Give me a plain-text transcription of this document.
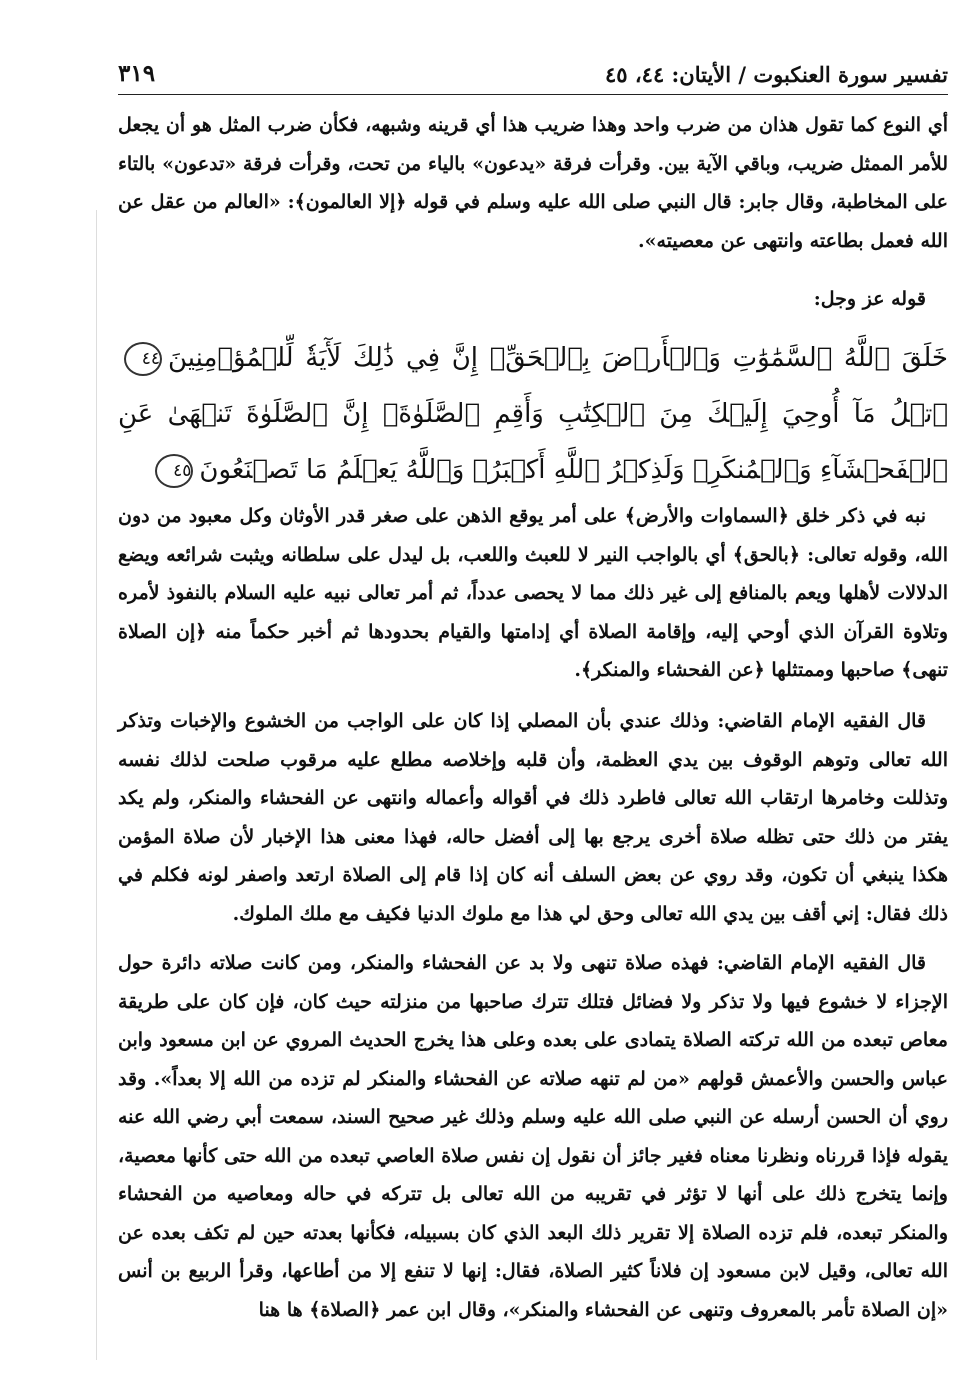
تفسير سورة العنكبوت / الأيتان: ٤٤، ٤٥
٣١٩
أي النوع كما تقول هذان من ضرب واحد وهذا ضريب هذا أي قرينه وشبهه، فكأن ضرب المثل هو أن يجعل للأمر الممثل ضريب، وباقي الآية بين. وقرأت فرقة «يدعون» بالياء من تحت، وقرأت فرقة «تدعون» بالتاء على المخاطبة، وقال جابر: قال النبي صلى الله عليه وسلم في قوله ﴿إلا العالمون﴾: «العالم من عقل عن الله فعمل بطاعته وانتهى عن معصيته».
قوله عز وجل:
خَلَقَ ٱللَّهُ ٱلسَّمَٰوَٰتِ وَٱلۡأَرۡضَ بِٱلۡحَقِّۚ إِنَّ فِي ذَٰلِكَ لَأٓيَةٗ لِّلۡمُؤۡمِنِينَ٤٤ٱتۡلُ مَآ أُوحِيَ إِلَيۡكَ مِنَ ٱلۡكِتَٰبِ وَأَقِمِ ٱلصَّلَوٰةَۖ إِنَّ ٱلصَّلَوٰةَ تَنۡهَىٰ عَنِ ٱلۡفَحۡشَآءِ وَٱلۡمُنكَرِۗ وَلَذِكۡرُ ٱللَّهِ أَكۡبَرُۗ وَٱللَّهُ يَعۡلَمُ مَا تَصۡنَعُونَ٤٥
نبه في ذكر خلق ﴿السماوات والأرض﴾ على أمر يوقع الذهن على صغر قدر الأوثان وكل معبود من دون الله، وقوله تعالى: ﴿بالحق﴾ أي بالواجب النير لا للعبث واللعب، بل ليدل على سلطانه ويثبت شرائعه ويضع الدلالات لأهلها ويعم بالمنافع إلى غير ذلك مما لا يحصى عدداً، ثم أمر تعالى نبيه عليه السلام بالنفوذ لأمره وتلاوة القرآن الذي أوحي إليه، وإقامة الصلاة أي إدامتها والقيام بحدودها ثم أخبر حكماً منه ﴿إن الصلاة تنهى﴾ صاحبها وممتثلها ﴿عن الفحشاء والمنكر﴾.
قال الفقيه الإمام القاضي: وذلك عندي بأن المصلي إذا كان على الواجب من الخشوع والإخبات وتذكر الله تعالى وتوهم الوقوف بين يدي العظمة، وأن قلبه وإخلاصه مطلع عليه مرقوب صلحت لذلك نفسه وتذللت وخامرها ارتقاب الله تعالى فاطرد ذلك في أقواله وأعماله وانتهى عن الفحشاء والمنكر، ولم يكد يفتر من ذلك حتى تظله صلاة أخرى يرجع بها إلى أفضل حاله، فهذا معنى هذا الإخبار لأن صلاة المؤمن هكذا ينبغي أن تكون، وقد روي عن بعض السلف أنه كان إذا قام إلى الصلاة ارتعد واصفر لونه فكلم في ذلك فقال: إني أقف بين يدي الله تعالى وحق لي هذا مع ملوك الدنيا فكيف مع ملك الملوك.
قال الفقيه الإمام القاضي: فهذه صلاة تنهى ولا بد عن الفحشاء والمنكر، ومن كانت صلاته دائرة حول الإجزاء لا خشوع فيها ولا تذكر ولا فضائل فتلك تترك صاحبها من منزلته حيث كان، فإن كان على طريقة معاص تبعده من الله تركته الصلاة يتمادى على بعده وعلى هذا يخرج الحديث المروي عن ابن مسعود وابن عباس والحسن والأعمش قولهم «من لم تنهه صلاته عن الفحشاء والمنكر لم تزده من الله إلا بعداً». وقد روي أن الحسن أرسله عن النبي صلى الله عليه وسلم وذلك غير صحيح السند، سمعت أبي رضي الله عنه يقوله فإذا قررناه ونظرنا معناه فغير جائز أن نقول إن نفس صلاة العاصي تبعده من الله حتى كأنها معصية، وإنما يتخرج ذلك على أنها لا تؤثر في تقريبه من الله تعالى بل تتركه في حاله ومعاصيه من الفحشاء والمنكر تبعده، فلم تزده الصلاة إلا تقرير ذلك البعد الذي كان بسبيله، فكأنها بعدته حين لم تكف بعده عن الله تعالى، وقيل لابن مسعود إن فلاناً كثير الصلاة، فقال: إنها لا تنفع إلا من أطاعها، وقرأ الربيع بن أنس «إن الصلاة تأمر بالمعروف وتنهى عن الفحشاء والمنكر»، وقال ابن عمر ﴿الصلاة﴾ ها هنا
